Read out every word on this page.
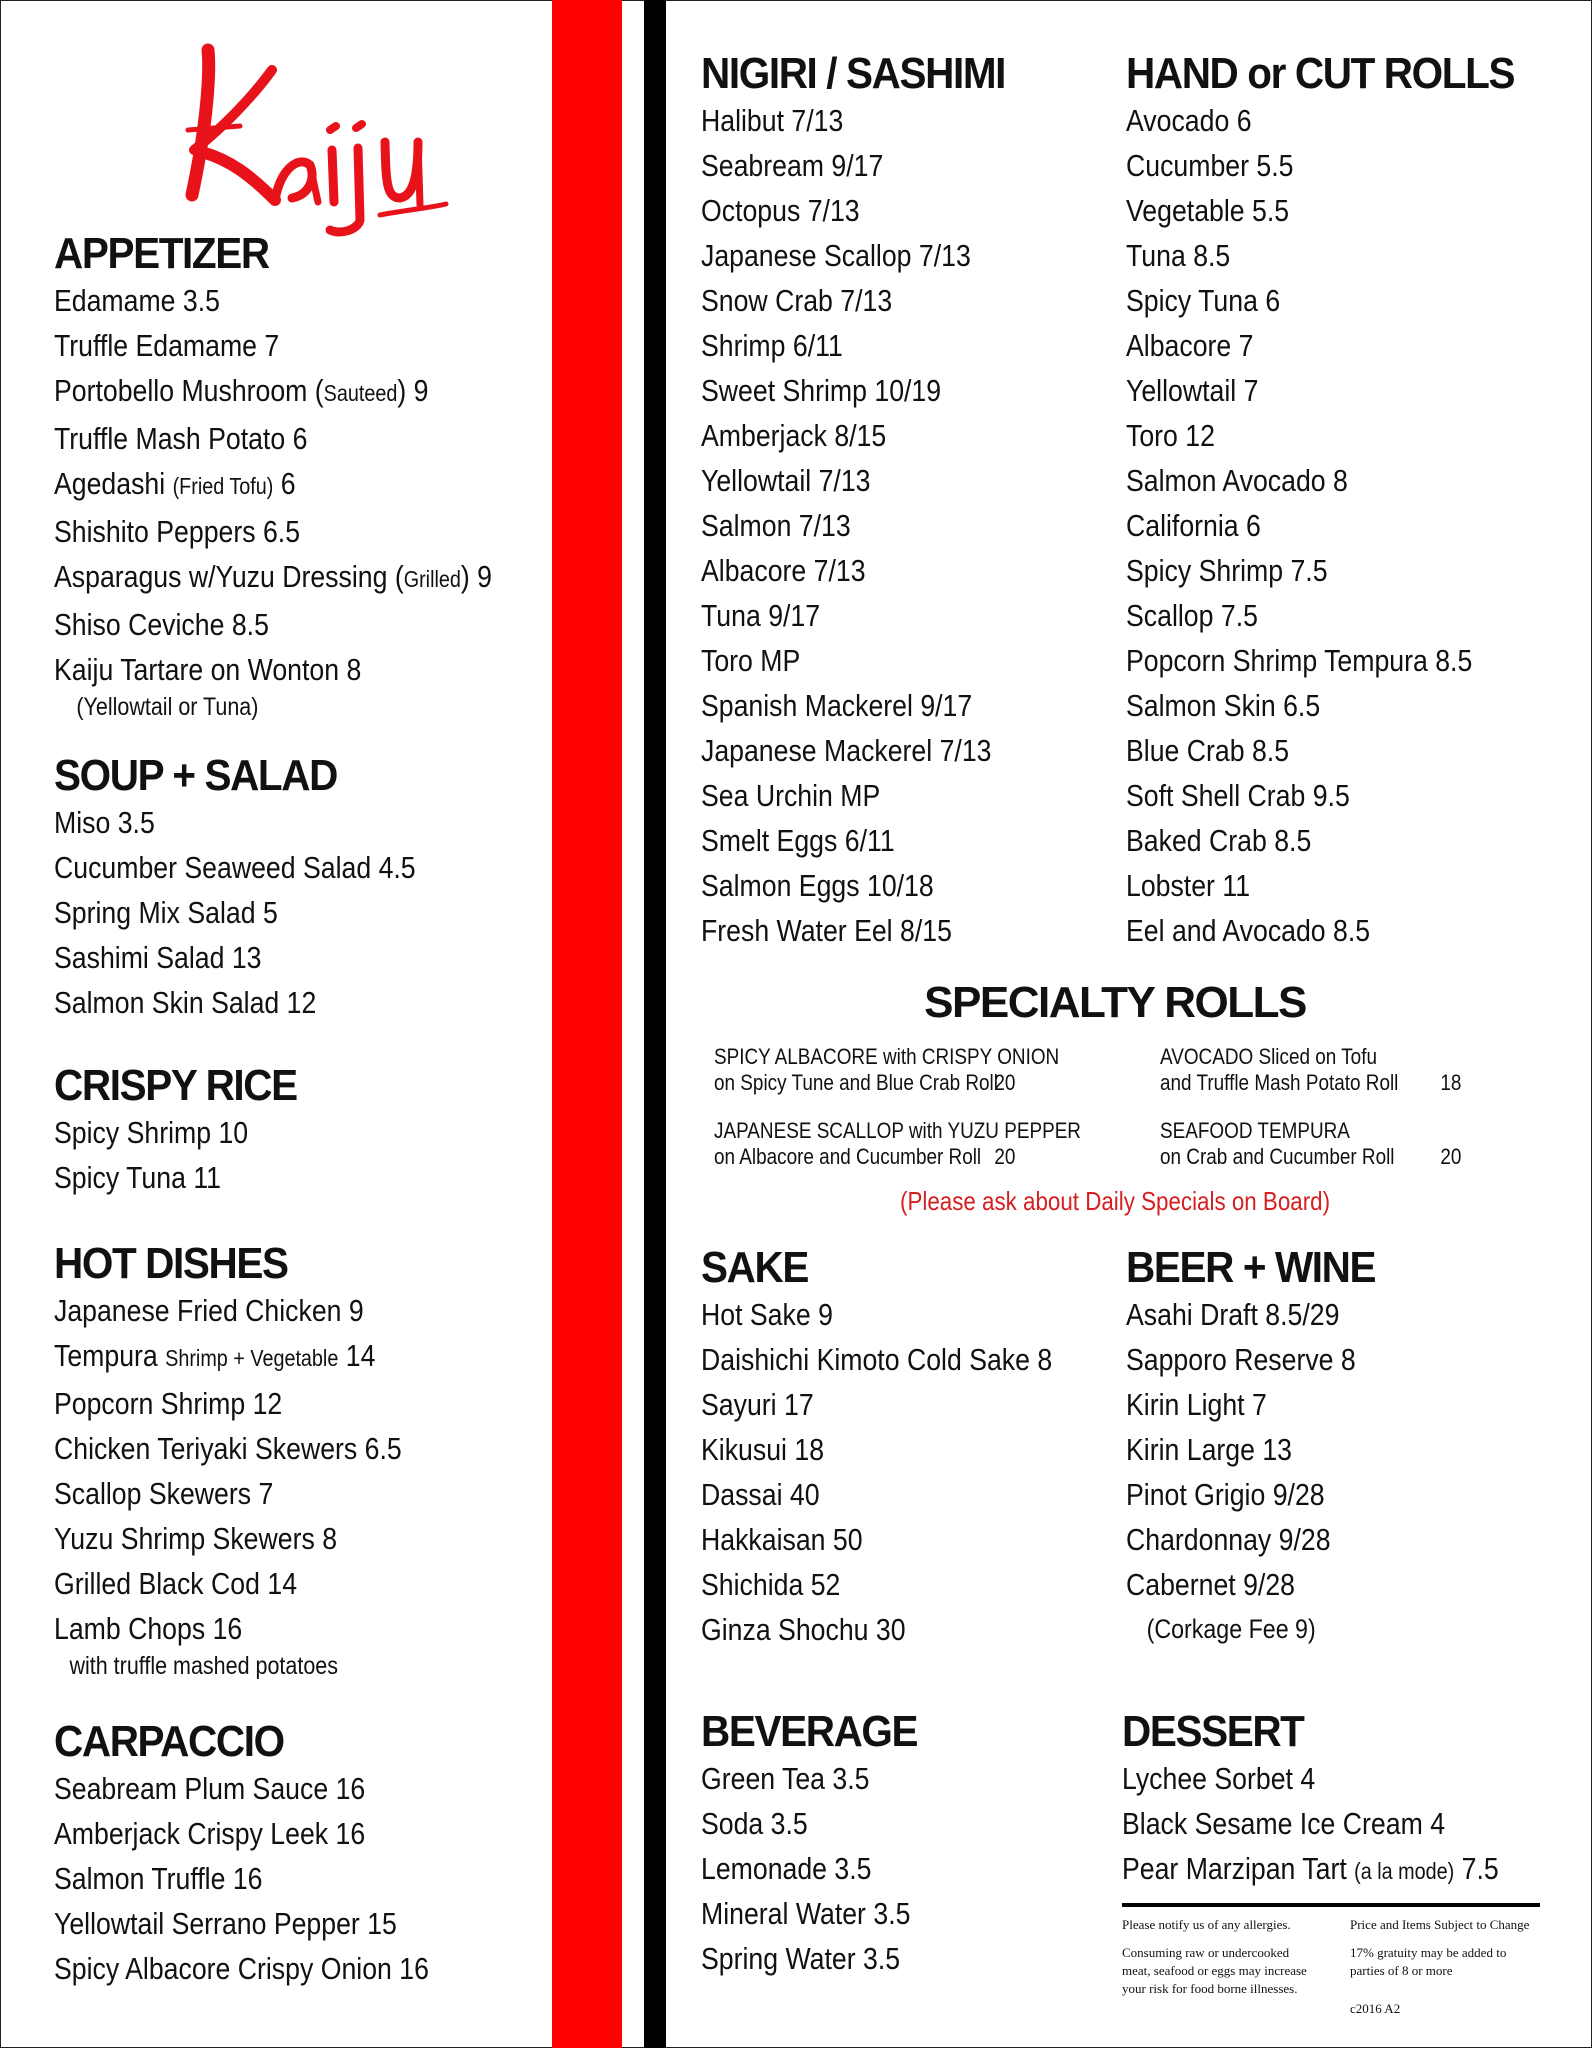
APPETIZER
Edamame 3.5
Truffle Edamame 7
Portobello Mushroom (Sauteed) 9
Truffle Mash Potato 6
Agedashi (Fried Tofu) 6
Shishito Peppers 6.5
Asparagus w/Yuzu Dressing (Grilled) 9
Shiso Ceviche 8.5
Kaiju Tartare on Wonton 8
(Yellowtail or Tuna)
SOUP + SALAD
Miso 3.5
Cucumber Seaweed Salad 4.5
Spring Mix Salad 5
Sashimi Salad 13
Salmon Skin Salad 12
CRISPY RICE
Spicy Shrimp 10
Spicy Tuna 11
HOT DISHES
Japanese Fried Chicken 9
Tempura Shrimp + Vegetable 14
Popcorn Shrimp 12
Chicken Teriyaki Skewers 6.5
Scallop Skewers 7
Yuzu Shrimp Skewers 8
Grilled Black Cod 14
Lamb Chops 16
with truffle mashed potatoes
CARPACCIO
Seabream Plum Sauce 16
Amberjack Crispy Leek 16
Salmon Truffle 16
Yellowtail Serrano Pepper 15
Spicy Albacore Crispy Onion 16
NIGIRI / SASHIMI
Halibut 7/13
Seabream 9/17
Octopus 7/13
Japanese Scallop 7/13
Snow Crab 7/13
Shrimp 6/11
Sweet Shrimp 10/19
Amberjack 8/15
Yellowtail 7/13
Salmon 7/13
Albacore 7/13
Tuna 9/17
Toro MP
Spanish Mackerel 9/17
Japanese Mackerel 7/13
Sea Urchin MP
Smelt Eggs 6/11
Salmon Eggs 10/18
Fresh Water Eel 8/15
HAND or CUT ROLLS
Avocado 6
Cucumber 5.5
Vegetable 5.5
Tuna 8.5
Spicy Tuna 6
Albacore 7
Yellowtail 7
Toro 12
Salmon Avocado 8
California 6
Spicy Shrimp 7.5
Scallop 7.5
Popcorn Shrimp Tempura 8.5
Salmon Skin 6.5
Blue Crab 8.5
Soft Shell Crab 9.5
Baked Crab 8.5
Lobster 11
Eel and Avocado 8.5
SPECIALTY ROLLS
SPICY ALBACORE with CRISPY ONION
on Spicy Tune and Blue Crab Roll
20
AVOCADO Sliced on Tofu
and Truffle Mash Potato Roll 18
JAPANESE SCALLOP with YUZU PEPPER
on Albacore and Cucumber Roll 20
SEAFOOD TEMPURA
on Crab and Cucumber Roll 20
(Please ask about Daily Specials on Board)
SAKE
Hot Sake 9
Daishichi Kimoto Cold Sake 8
Sayuri 17
Kikusui 18
Dassai 40
Hakkaisan 50
Shichida 52
Ginza Shochu 30
BEER + WINE
Asahi Draft 8.5/29
Sapporo Reserve 8
Kirin Light 7
Kirin Large 13
Pinot Grigio 9/28
Chardonnay 9/28
Cabernet 9/28
(Corkage Fee 9)
BEVERAGE
Green Tea 3.5
Soda 3.5
Lemonade 3.5
Mineral Water 3.5
Spring Water 3.5
DESSERT
Lychee Sorbet 4
Black Sesame Ice Cream 4
Pear Marzipan Tart (a la mode) 7.5
Please notify us of any allergies.
Consuming raw or undercooked meat, seafood or eggs may increase your risk for food borne illnesses.
Price and Items Subject to Change
17% gratuity may be added to parties of 8 or more
c2016 A2
